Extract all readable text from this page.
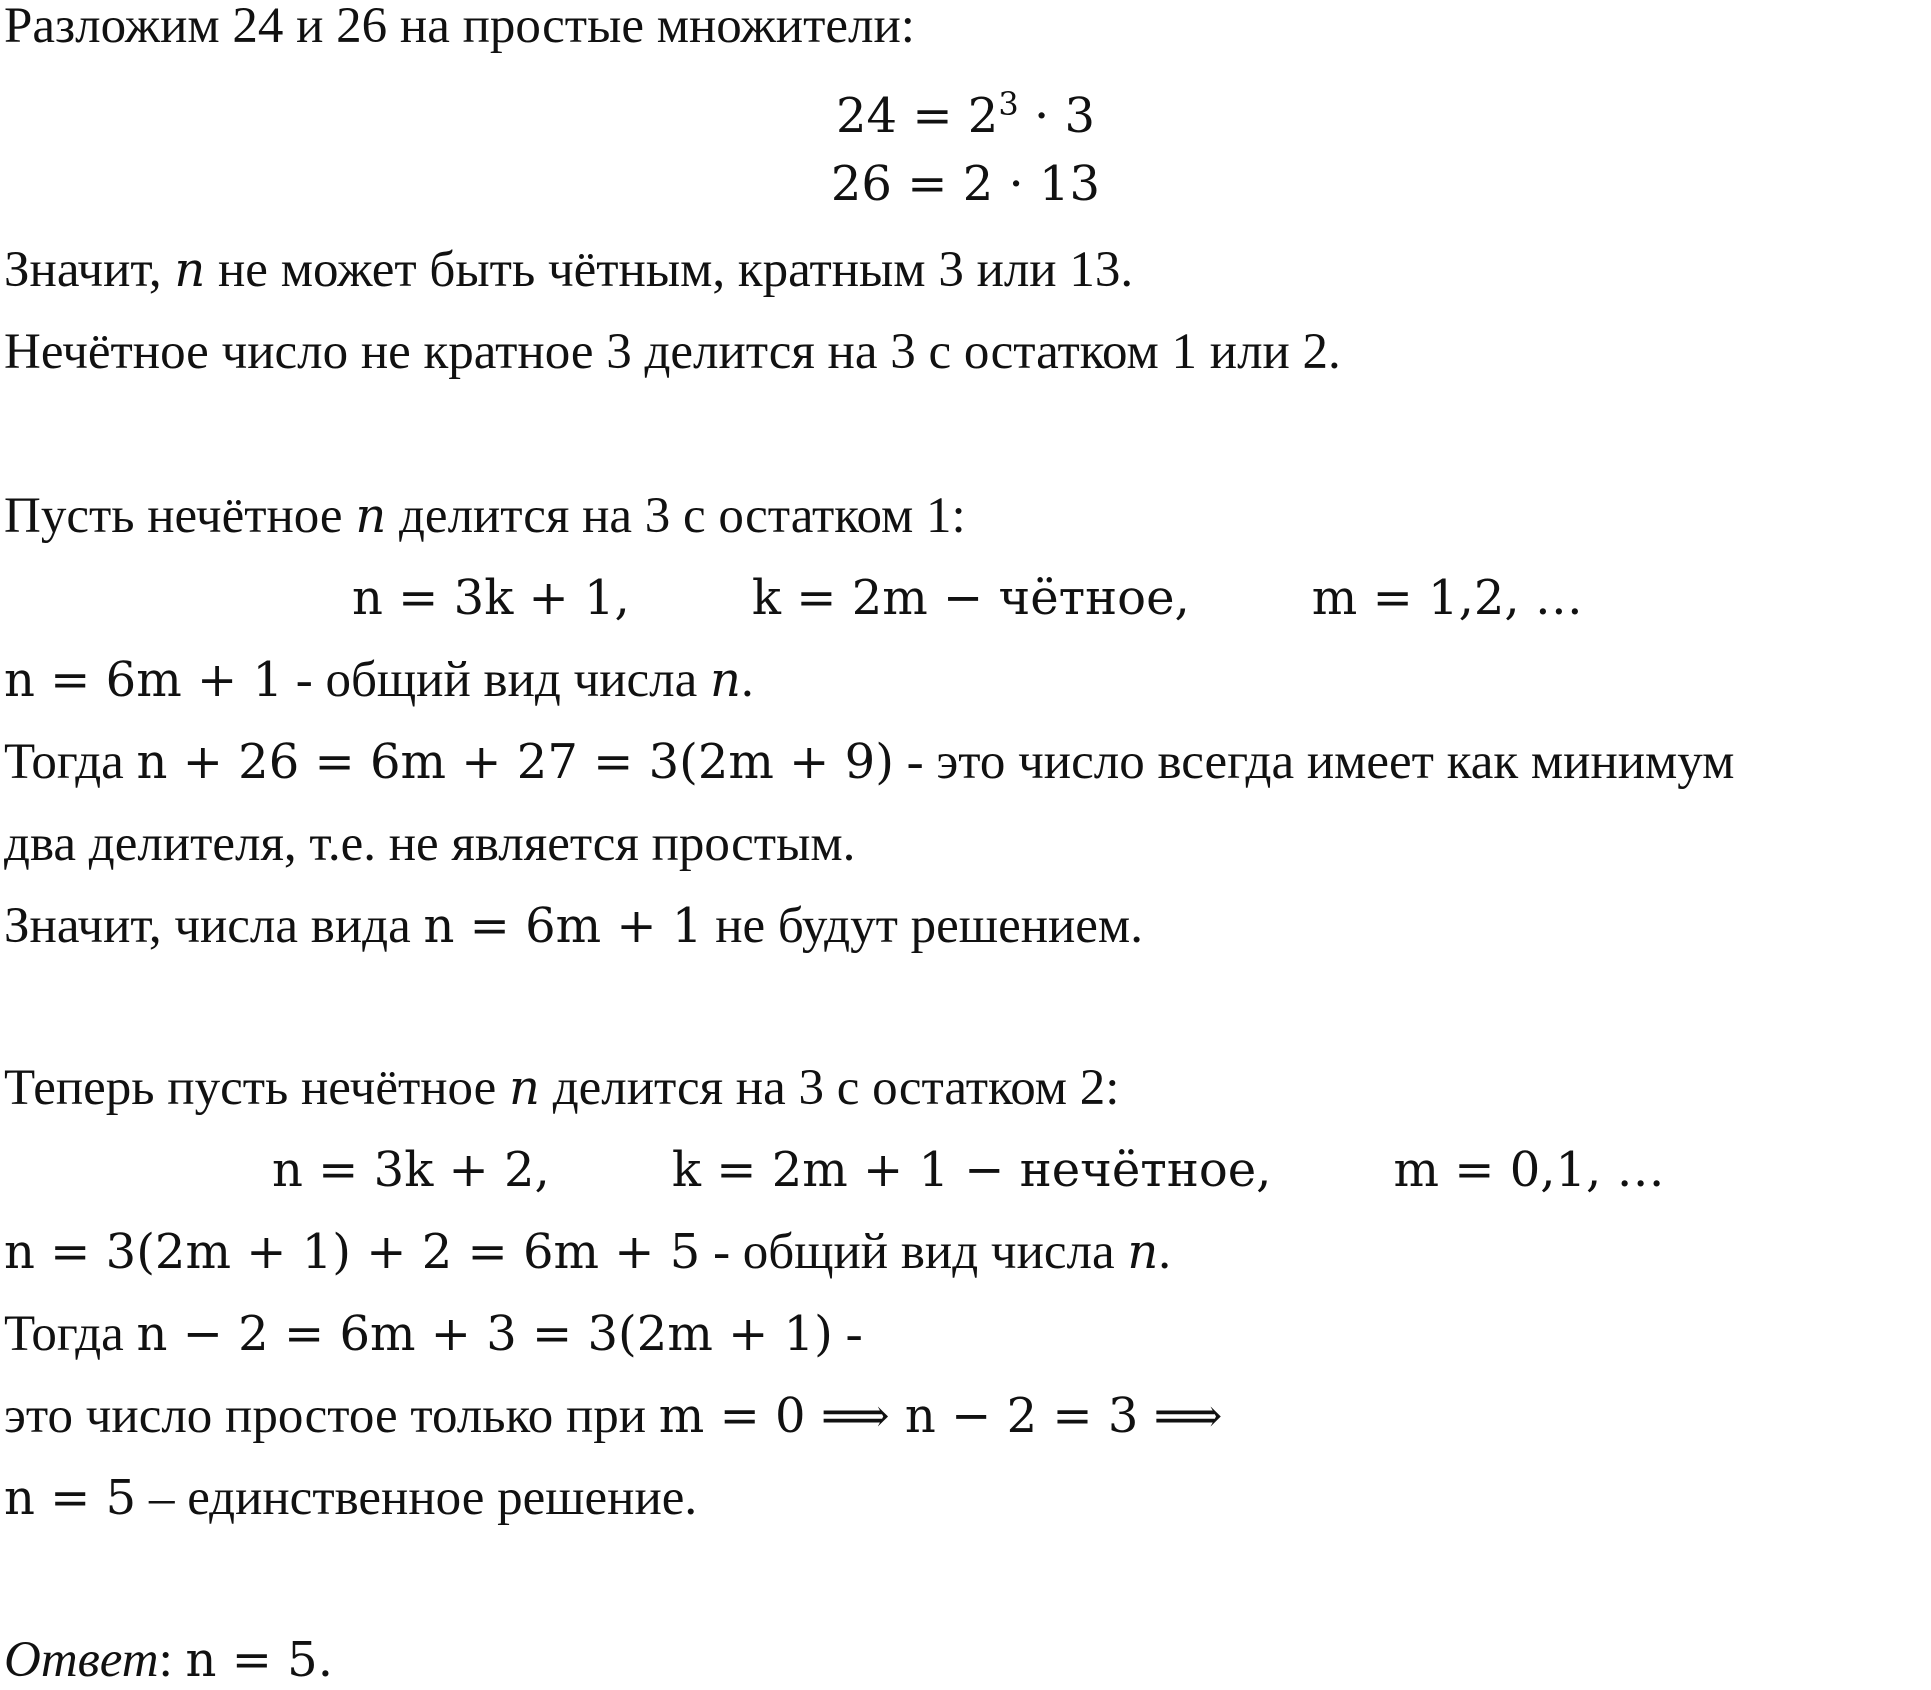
Разложим 24 и 26 на простые множители:
$24 = 2^3 \cdot 3$
26 = 2 · 13
Значит, n не может быть чётным, кратным 3 или 13.
Нечётное число не кратное 3 делится на 3 с остатком 1 или 2.
Пусть нечётное n делится на 3 с остатком 1:
n = 3k + 1,        k = 2m − чётное,        m = 1,2, …
n = 6m + 1 - общий вид числа n.
Тогда n + 26 = 6m + 27 = 3(2m + 9) - это число всегда имеет как минимум
два делителя, т.е. не является простым.
Значит, числа вида n = 6m + 1 не будут решением.
Теперь пусть нечётное n делится на 3 с остатком 2:
n = 3k + 2,        k = 2m + 1 − нечётное,        m = 0,1, …
n = 3(2m + 1) + 2 = 6m + 5 - общий вид числа n.
Тогда n − 2 = 6m + 3 = 3(2m + 1) -
это число простое только при m = 0 ⟹ n − 2 = 3 ⟹
n = 5 – единственное решение.
Ответ: n = 5.
